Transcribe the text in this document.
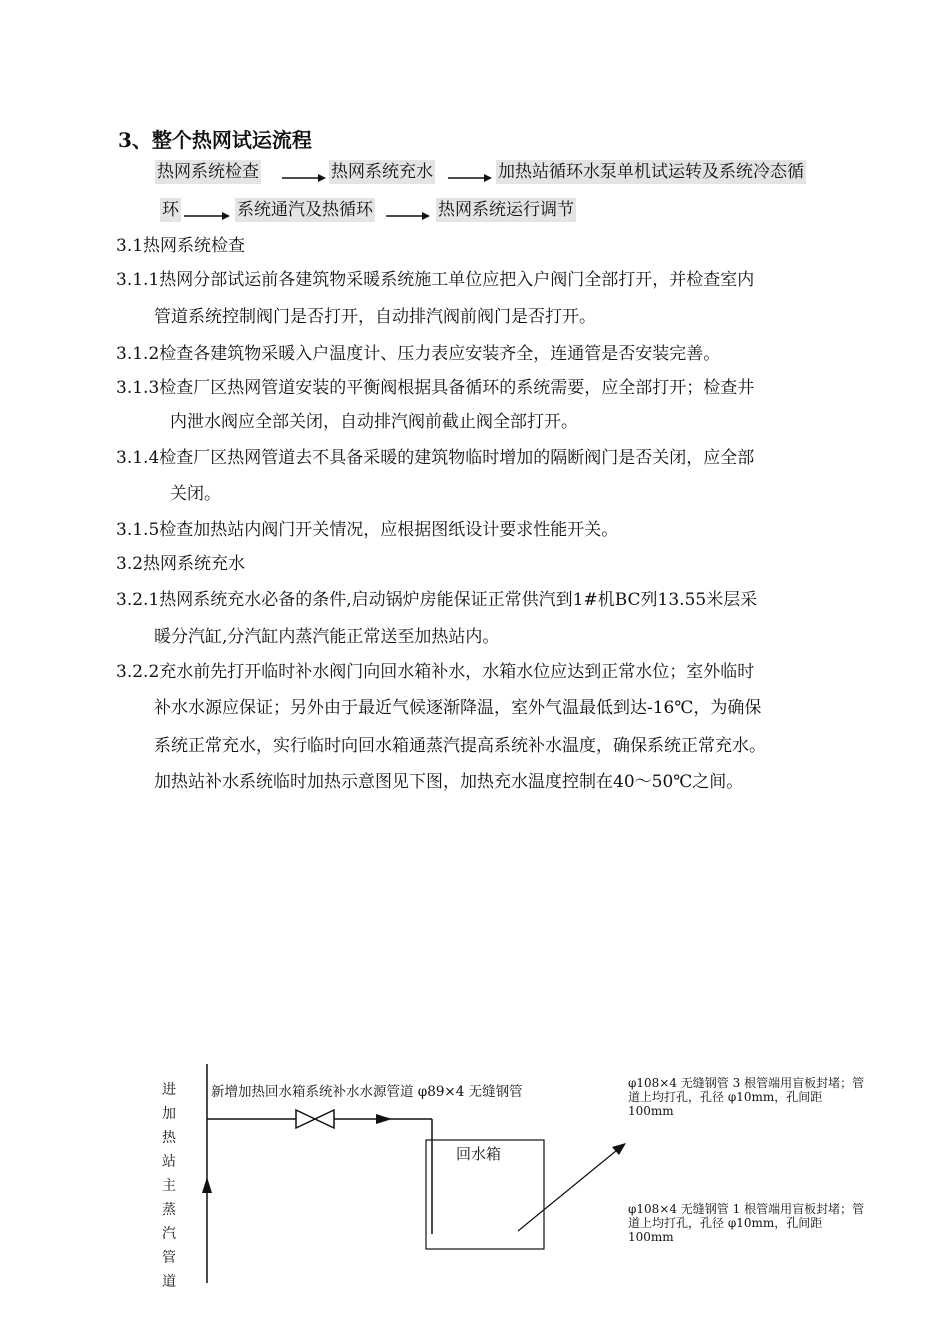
3、整个热网试运流程
热网系统检查	热网系统充水	加热站循环水泵单机试运转及系统冷态循
环	系统通汽及热循环	热网系统运行调节
3.1热网系统检查
3.1.1热网分部试运前各建筑物采暖系统施工单位应把入户阀门全部打开，并检查室内
管道系统控制阀门是否打开，自动排汽阀前阀门是否打开。
3.1.2检查各建筑物采暖入户温度计、压力表应安装齐全，连通管是否安装完善。
3.1.3检查厂区热网管道安装的平衡阀根据具备循环的系统需要，应全部打开；检查井
内泄水阀应全部关闭，自动排汽阀前截止阀全部打开。
3.1.4检查厂区热网管道去不具备采暖的建筑物临时增加的隔断阀门是否关闭，应全部
关闭。
3.1.5检查加热站内阀门开关情况，应根据图纸设计要求性能开关。
3.2热网系统充水
3.2.1热网系统充水必备的条件,启动锅炉房能保证正常供汽到1#机BC列13.55米层采
暖分汽缸,分汽缸内蒸汽能正常送至加热站内。
3.2.2充水前先打开临时补水阀门向回水箱补水，水箱水位应达到正常水位；室外临时
补水水源应保证；另外由于最近气候逐渐降温，室外气温最低到达-16℃，为确保
系统正常充水，实行临时向回水箱通蒸汽提高系统补水温度，确保系统正常充水。
加热站补水系统临时加热示意图见下图，加热充水温度控制在40～50℃之间。
进
加
热
站
主
蒸
汽
管
道
新增加热回水箱系统补水水源管道 φ89×4 无缝钢管
回水箱
φ108×4 无缝钢管 3 根管端用盲板封堵；管道上均打孔，孔径 φ10mm，孔间距 100mm
φ108×4 无缝钢管 1 根管端用盲板封堵；管道上均打孔，孔径 φ10mm，孔间距 100mm
